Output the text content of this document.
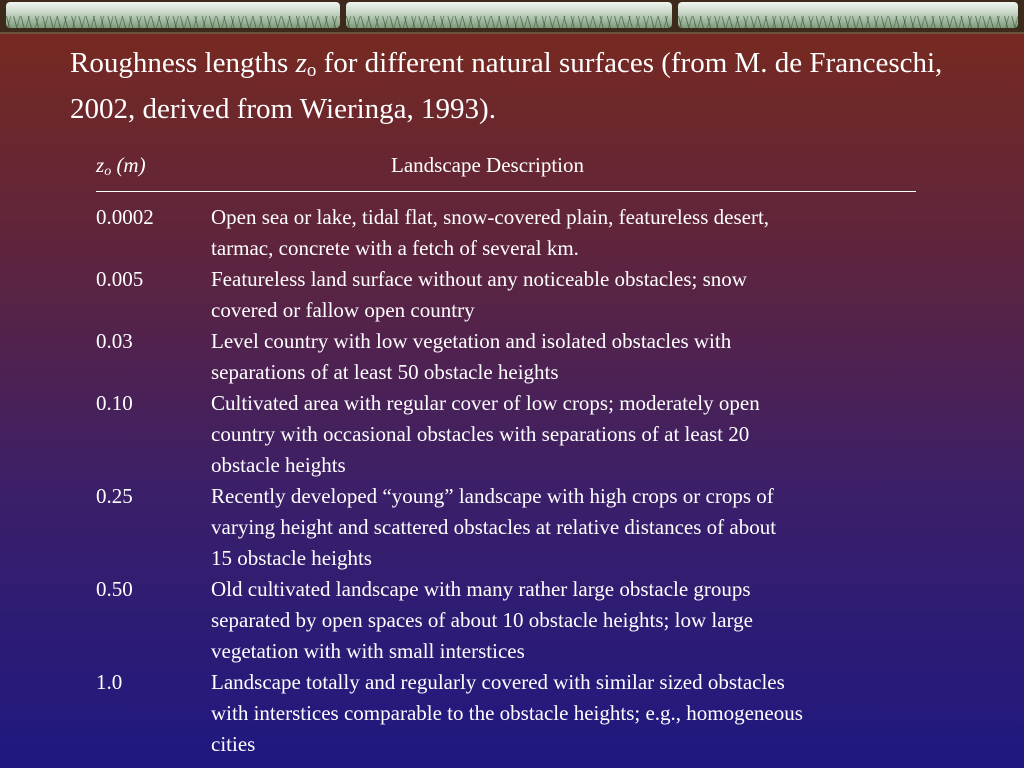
Roughness lengths $z_o$ for different natural surfaces (from M. de Franceschi, 2002, derived from Wieringa, 1993).
$z_o$ (m)	Landscape Description
0.0002	Open sea or lake, tidal flat, snow-covered plain, featureless desert,
tarmac, concrete with a fetch of several km.
0.005	Featureless land surface without any noticeable obstacles; snow
covered or fallow open country
0.03	Level country with low vegetation and isolated obstacles with
separations of at least 50 obstacle heights
0.10	Cultivated area with regular cover of low crops; moderately open
country with occasional obstacles with separations of at least 20
obstacle heights
0.25	Recently developed “young” landscape with high crops or crops of
varying height and scattered obstacles at relative distances of about
15 obstacle heights
0.50	Old cultivated landscape with many rather large obstacle groups
separated by open spaces of about 10 obstacle heights; low large
vegetation with with small interstices
1.0	Landscape totally and regularly covered with similar sized obstacles
with interstices comparable to the obstacle heights; e.g., homogeneous
cities
